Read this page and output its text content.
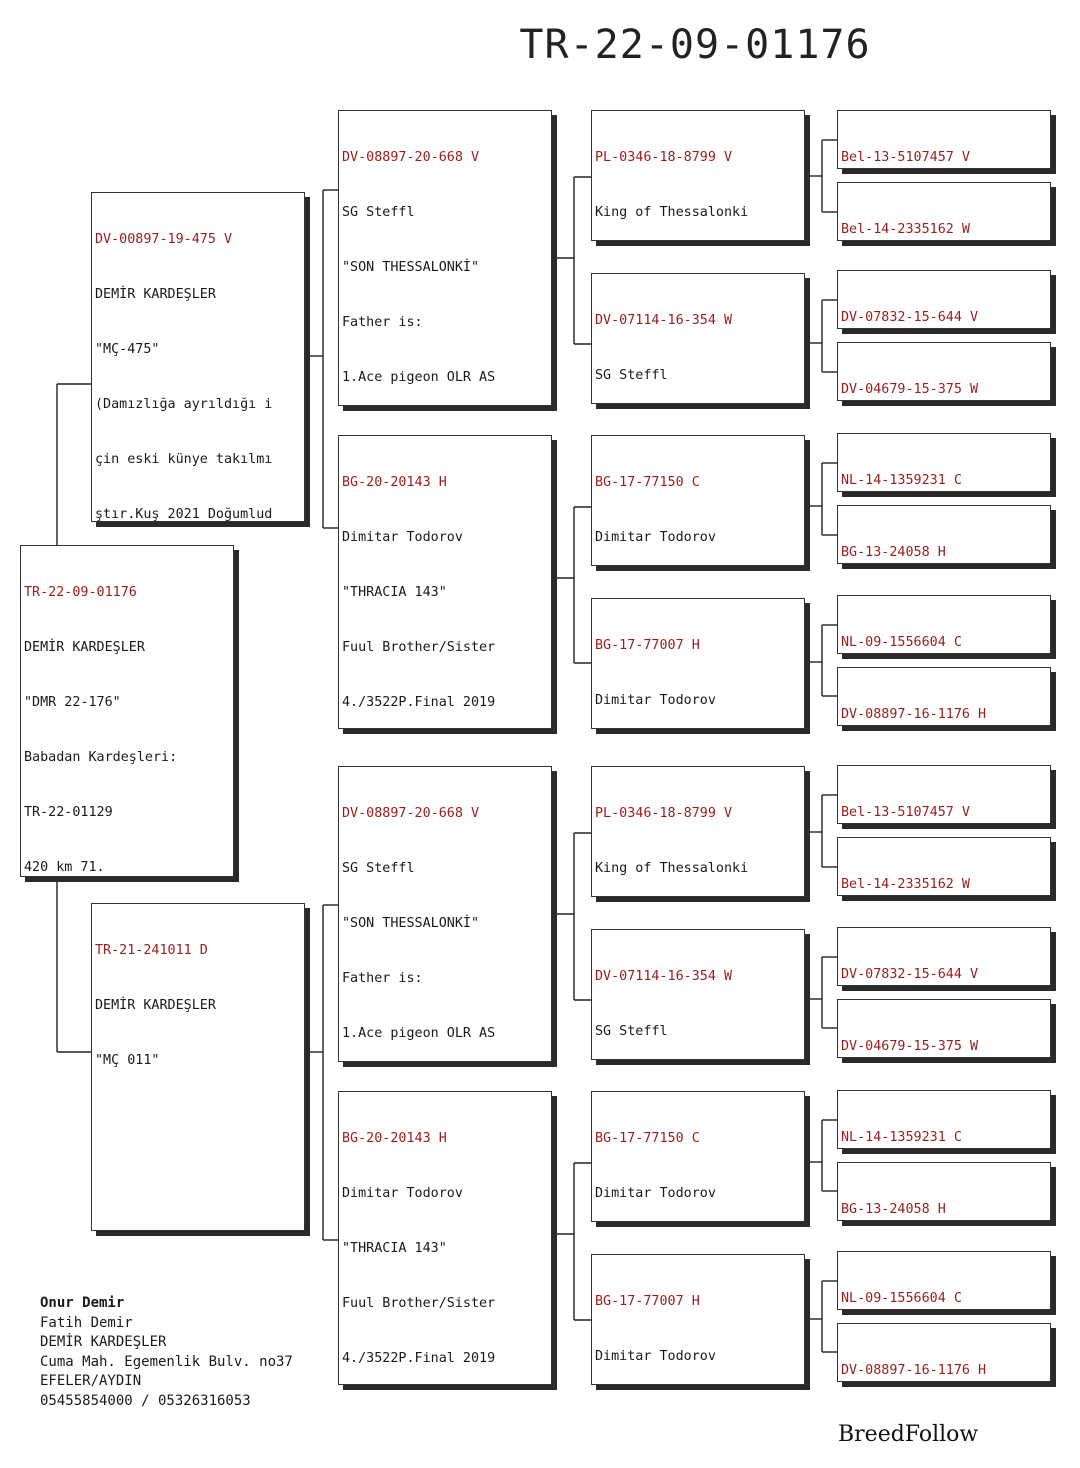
TR-22-09-01176

TR-22-09-01176

DEMİR KARDEŞLER

"DMR 22-176"

Babadan Kardeşleri:

TR-22-01129

420 km 71.

DV-00897-19-475 V

DEMİR KARDEŞLER

"MÇ-475"

(Damızlığa ayrıldığı i

çin eski künye takılmı

ştır.Kuş 2021 Doğumlud

TR-21-241011 D

DEMİR KARDEŞLER

"MÇ 011"

DV-08897-20-668 V

SG Steffl

"SON THESSALONKİ"

Father is:

1.Ace pigeon OLR AS

BG-20-20143 H

Dimitar Todorov

"THRACIA 143"

Fuul Brother/Sister

4./3522P.Final 2019

DV-08897-20-668 V

SG Steffl

"SON THESSALONKİ"

Father is:

1.Ace pigeon OLR AS

BG-20-20143 H

Dimitar Todorov

"THRACIA 143"

Fuul Brother/Sister

4./3522P.Final 2019

PL-0346-18-8799 V

King of Thessalonki

DV-07114-16-354 W

SG Steffl

BG-17-77150 C

Dimitar Todorov

BG-17-77007 H

Dimitar Todorov

PL-0346-18-8799 V

King of Thessalonki

DV-07114-16-354 W

SG Steffl

BG-17-77150 C

Dimitar Todorov

BG-17-77007 H

Dimitar Todorov

Bel-13-5107457 V

Bel-14-2335162 W

DV-07832-15-644 V

DV-04679-15-375 W

NL-14-1359231 C

BG-13-24058 H

NL-09-1556604 C

DV-08897-16-1176 H

Bel-13-5107457 V

Bel-14-2335162 W

DV-07832-15-644 V

DV-04679-15-375 W

NL-14-1359231 C

BG-13-24058 H

NL-09-1556604 C

DV-08897-16-1176 H

Onur Demir
Fatih Demir
DEMİR KARDEŞLER
Cuma Mah. Egemenlik Bulv. no37
EFELER/AYDIN
05455854000 / 05326316053
BreedFollow
